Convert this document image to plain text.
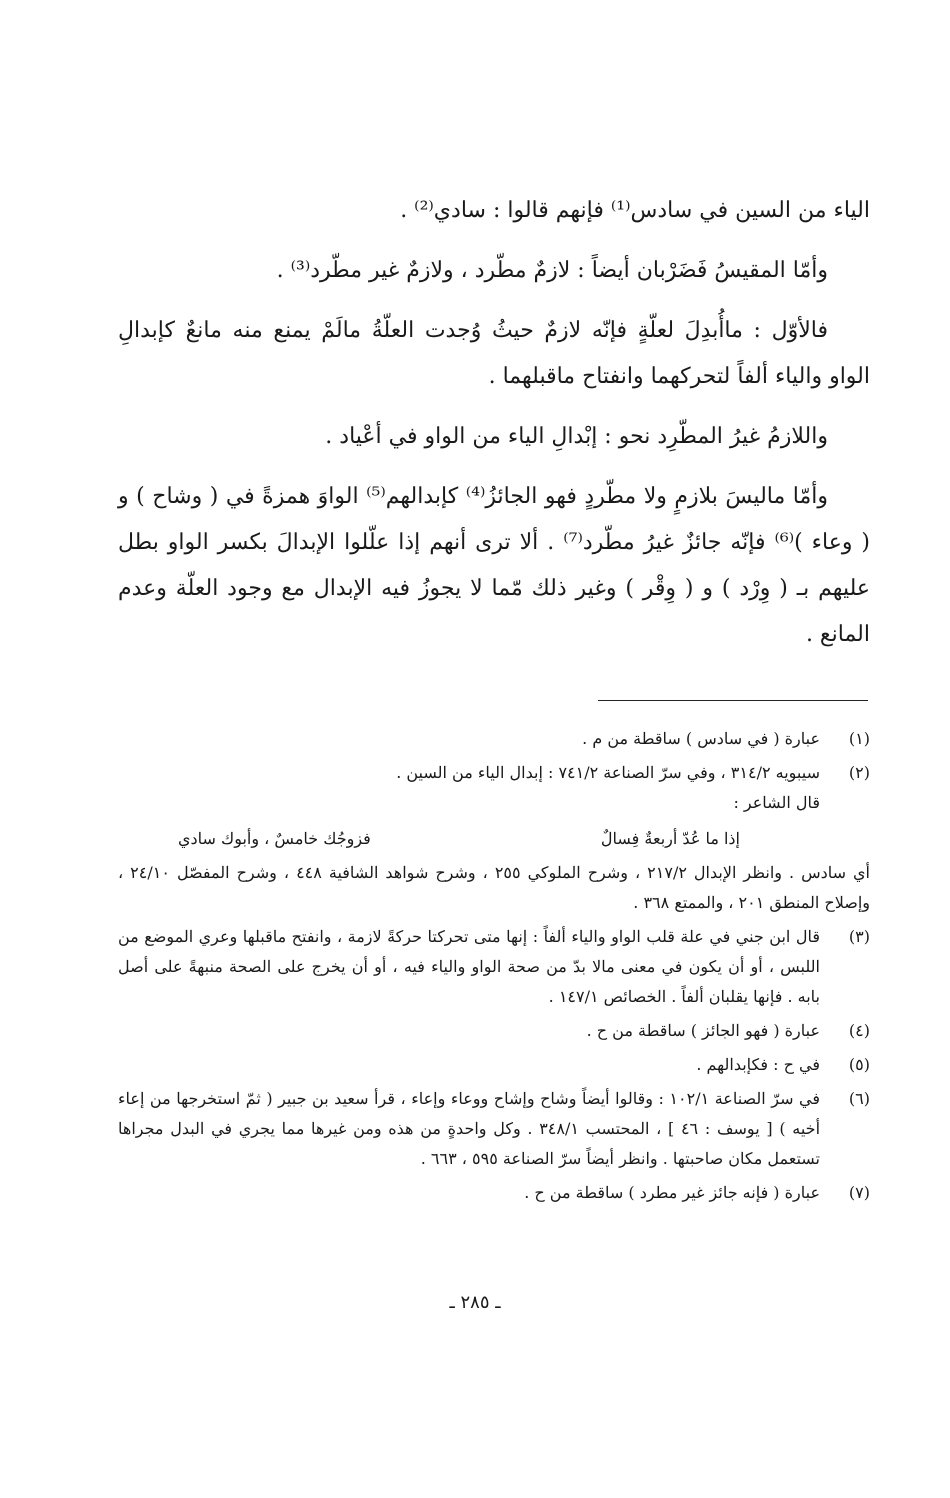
الياء من السين في سادس⁽¹⁾ فإنهم قالوا : سادي⁽²⁾ .

وأمّا المقيسُ فَضَرْبان أيضاً : لازمٌ مطّرد ، ولازمٌ غير مطّرد⁽³⁾ .

فالأوّل : ماأُبدِلَ لعلّةٍ فإنّه لازمٌ حيثُ وُجدت العلّةُ مالَمْ يمنع منه مانعٌ كإبدالِ الواو والياء ألفاً لتحركهما وانفتاح ماقبلهما .

واللازمُ غيرُ المطّرِد نحو : إبْدالِ الياء من الواو في أعْياد .

وأمّا ماليسَ بلازمٍ ولا مطّردٍ فهو الجائزُ⁽⁴⁾ كإبدالهم⁽⁵⁾ الواوَ همزةً في ( وشاح ) و ( وعاء )⁽⁶⁾ فإنّه جائزٌ غيرُ مطّرد⁽⁷⁾ . ألا ترى أنهم إذا علّلوا الإبدالَ بكسر الواو بطل عليهم بـ ( وِرْد ) و ( وِقْر ) وغير ذلك مّما لا يجوزُ فيه الإبدال مع وجود العلّة وعدم المانع .

(١)
عبارة ( في سادس ) ساقطة من م .
(٢)
سيبويه ٣١٤/٢ ، وفي سرّ الصناعة ٧٤١/٢ : إبدال الياء من السين .
قال الشاعر :
إذا ما عُدّ أربعةٌ فِسالٌ
فزوجُك خامسٌ ، وأبوك سادي
أي سادس . وانظر الإبدال ٢١٧/٢ ، وشرح الملوكي ٢٥٥ ، وشرح شواهد الشافية ٤٤٨ ، وشرح المفصّل ٢٤/١٠ ، وإصلاح المنطق ٢٠١ ، والممتع ٣٦٨ .
(٣)
قال ابن جني في علة قلب الواو والياء ألفاً : إنها متى تحركتا حركةً لازمة ، وانفتح ماقبلها وعري الموضع من اللبس ، أو أن يكون في معنى مالا بدّ من صحة الواو والياء فيه ، أو أن يخرج على الصحة منبهةً على أصل بابه . فإنها يقلبان ألفاً . الخصائص ١٤٧/١ .
(٤)
عبارة ( فهو الجائز ) ساقطة من ح .
(٥)
في ح : فكإبدالهم .
(٦)
في سرّ الصناعة ١٠٢/١ : وقالوا أيضاً وشاح وإشاح ووعاء وإعاء ، قرأ سعيد بن جبير ( ثمّ استخرجها من إعاء أخيه ) [ يوسف : ٤٦ ] ، المحتسب ٣٤٨/١ . وكل واحدةٍ من هذه ومن غيرها مما يجري في البدل مجراها تستعمل مكان صاحبتها . وانظر أيضاً سرّ الصناعة ٥٩٥ ، ٦٦٣ .
(٧)
عبارة ( فإنه جائز غير مطرد ) ساقطة من ح .
ـ ٢٨٥ ـ
